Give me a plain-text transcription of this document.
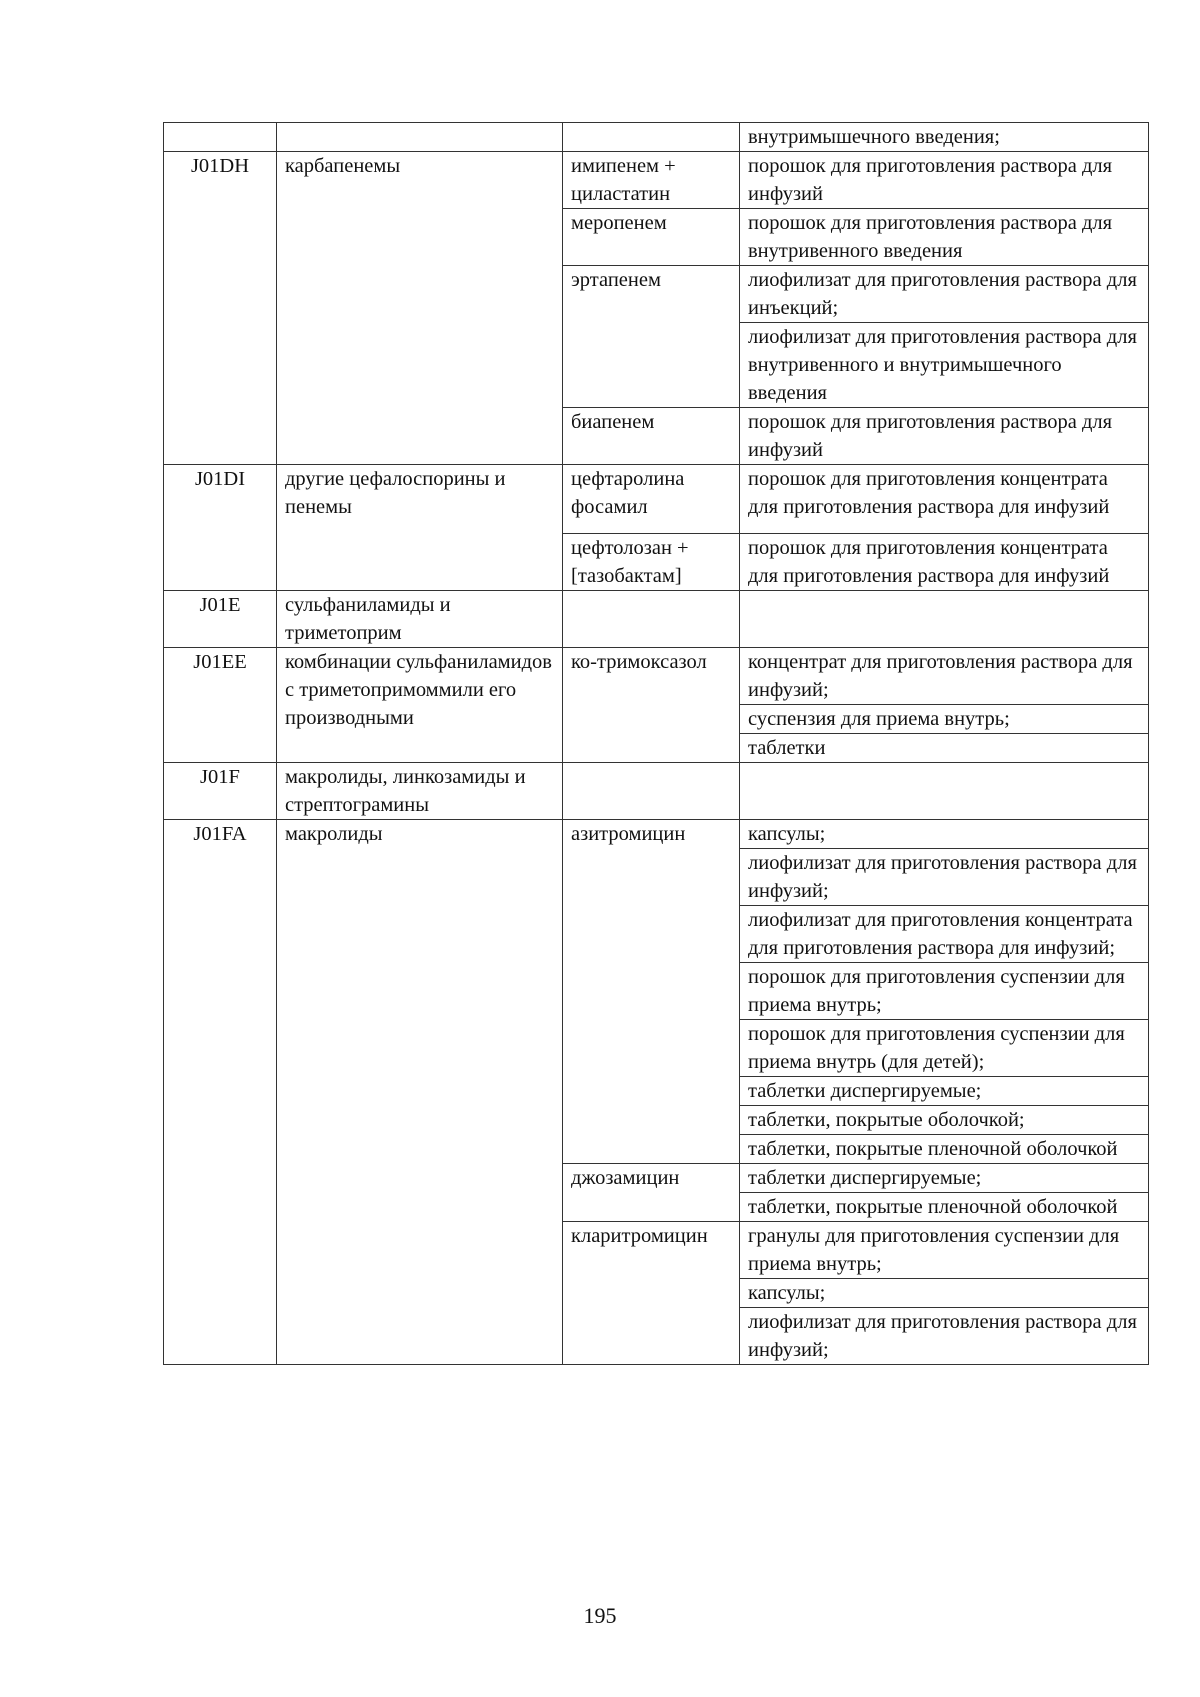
			внутримышечного введения;
J01DH	карбапенемы	имипенем + циластатин	порошок для приготовления раствора для инфузий
		меропенем	порошок для приготовления раствора для внутривенного введения
		эртапенем	лиофилизат для приготовления раствора для инъекций;
			лиофилизат для приготовления раствора для внутривенного и внутримышечного введения
		биапенем	порошок для приготовления раствора для инфузий
J01DI	другие цефалоспорины и пенемы	цефтаролина фосамил	порошок для приготовления концентрата для приготовления раствора для инфузий
		цефтолозан + [тазобактам]	порошок для приготовления концентрата для приготовления раствора для инфузий
J01E	сульфаниламиды и триметоприм		
J01EE	комбинации сульфаниламидов с триметопримоммили его производными	ко-тримоксазол	концентрат для приготовления раствора для инфузий;
			суспензия для приема внутрь;
			таблетки
J01F	макролиды, линкозамиды и стрептограмины		
J01FA	макролиды	азитромицин	капсулы;
			лиофилизат для приготовления раствора для инфузий;
			лиофилизат для приготовления концентрата для приготовления раствора для инфузий;
			порошок для приготовления суспензии для приема внутрь;
			порошок для приготовления суспензии для приема внутрь (для детей);
			таблетки диспергируемые;
			таблетки, покрытые оболочкой;
			таблетки, покрытые пленочной оболочкой
		джозамицин	таблетки диспергируемые;
			таблетки, покрытые пленочной оболочкой
		кларитромицин	гранулы для приготовления суспензии для приема внутрь;
			капсулы;
			лиофилизат для приготовления раствора для инфузий;
195
